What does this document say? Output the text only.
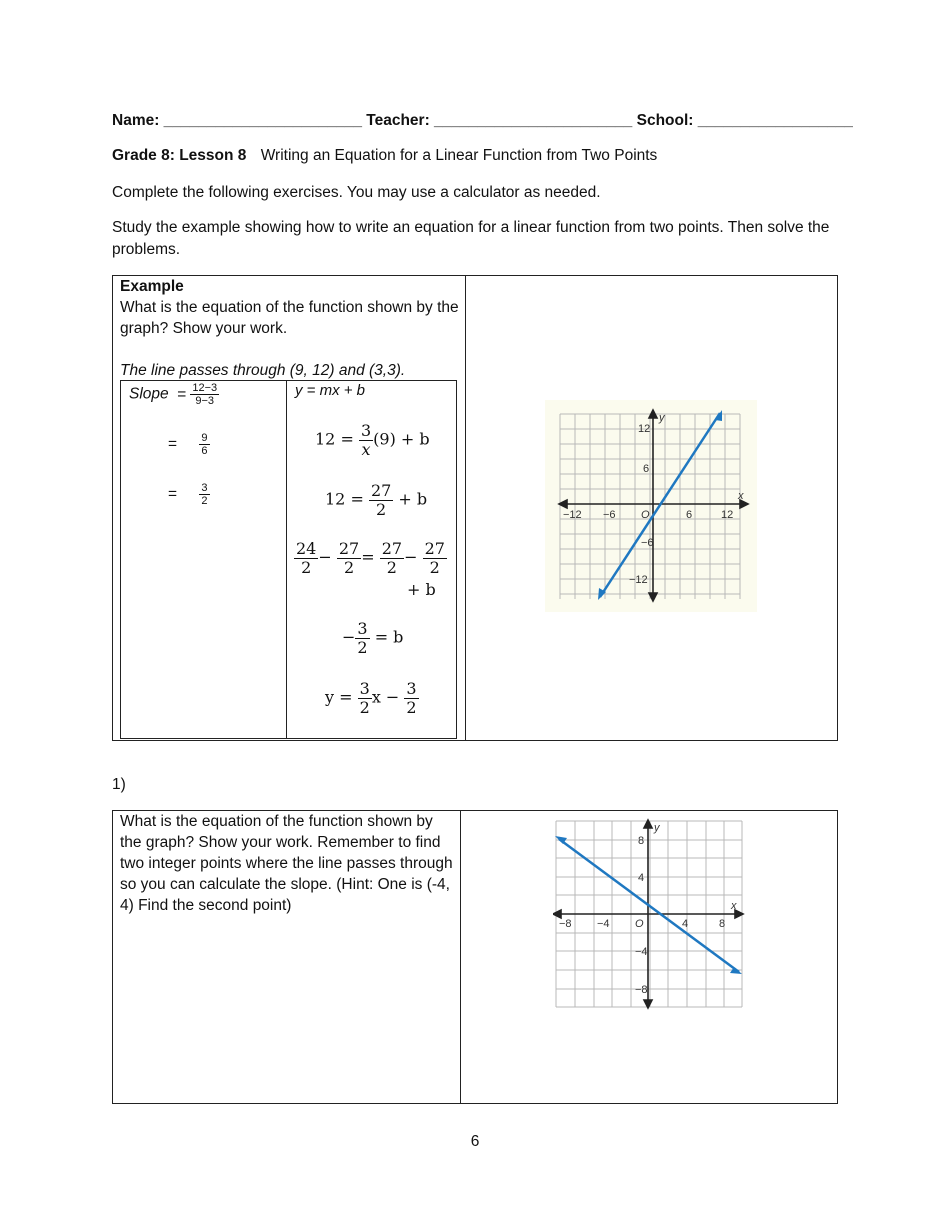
Name: _______________________ Teacher: _______________________ School: __________________
Grade 8: Lesson 8 Writing an Equation for a Linear Function from Two Points
Complete the following exercises. You may use a calculator as needed.
Study the example showing how to write an equation for a linear function from two points. Then solve the problems.
Example
What is the equation of the function shown by the graph? Show your work.
The line passes through (9, 12) and (3,3).
Slope = $\frac{12-3}{9-3}$
= $\frac{9}{6}$
= $\frac{3}{2}$
y = mx + b
$12 = \frac{3}{x} (9) + b$
$12 = \frac{27}{2} + b$
$\frac{24}{2} - \frac{27}{2} = \frac{27}{2} - \frac{27}{2}$
+ b
− $\frac{3}{2} = b$
$y = \frac{3}{2}$ $x - \frac{3}{2}$
x
y
−12 −6 O	6	12
12
6
−6
−12
1)
What is the equation of the function shown by the graph? Show your work. Remember to find two integer points where the line passes through so you can calculate the slope. (Hint: One is (-4, 4) Find the second point)	x
y
−8 −4 O	4	8
8
4
−4
−8
6
